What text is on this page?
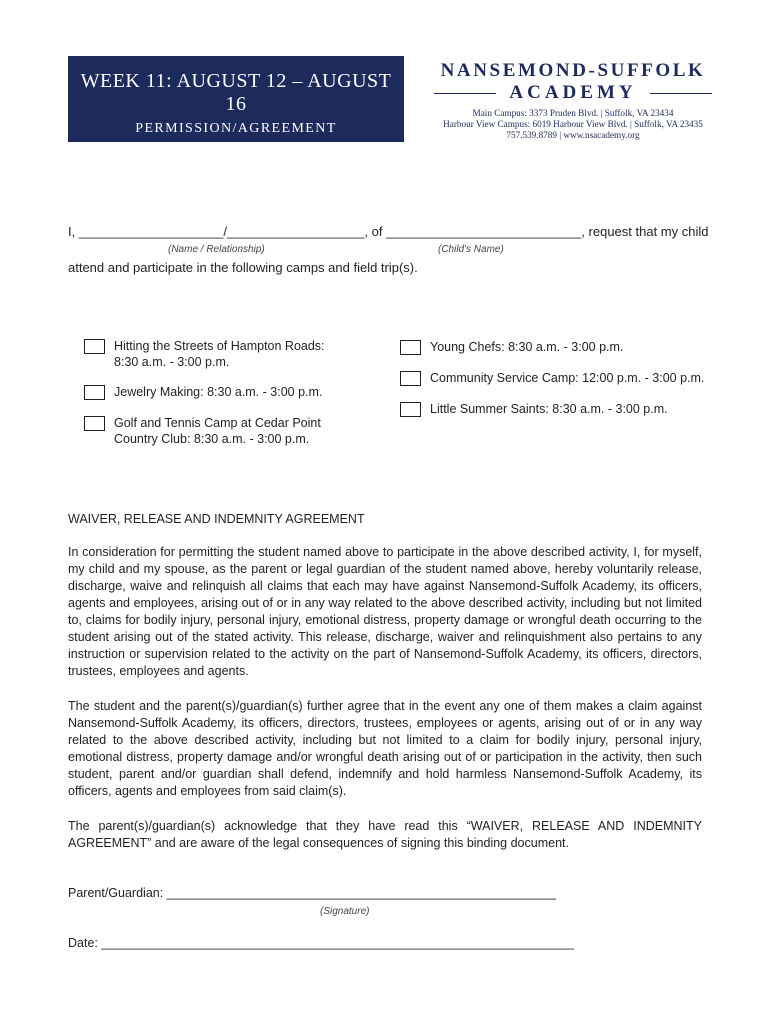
WEEK 11: AUGUST 12 – AUGUST 16
PERMISSION/AGREEMENT
FORM 2019
NANSEMOND-SUFFOLK
ACADEMY
Main Campus: 3373 Pruden Blvd. | Suffolk, VA 23434
Harbour View Campus: 6019 Harbour View Blvd. | Suffolk, VA 23435
757.539.8789 | www.nsacademy.org
I, ____________________/___________________, of ___________________________, request that my child
(Name / Relationship)	(Child's Name)
attend and participate in the following camps and field trip(s).
Hitting the Streets of Hampton Roads:
8:30 a.m. - 3:00 p.m.
Jewelry Making: 8:30 a.m. - 3:00 p.m.
Golf and Tennis Camp at Cedar Point
Country Club: 8:30 a.m. - 3:00 p.m.
Young Chefs: 8:30 a.m. - 3:00 p.m.
Community Service Camp: 12:00 p.m. - 3:00 p.m.
Little Summer Saints: 8:30 a.m. - 3:00 p.m.
WAIVER, RELEASE AND INDEMNITY AGREEMENT
In consideration for permitting the student named above to participate in the above described activity, I, for myself, my child and my spouse, as the parent or legal guardian of the student named above, hereby voluntarily release, discharge, waive and relinquish all claims that each may have against Nansemond-Suffolk Academy, its officers, agents and employees, arising out of or in any way related to the above described activity, including but not limited to, claims for bodily injury, personal injury, emotional distress, property damage or wrongful death occurring to the student arising out of the stated activity. This release, discharge, waiver and relinquishment also pertains to any instruction or supervision related to the activity on the part of Nansemond-Suffolk Academy, its officers, directors, trustees, employees and agents.
The student and the parent(s)/guardian(s) further agree that in the event any one of them makes a claim against Nansemond-Suffolk Academy, its officers, directors, trustees, employees or agents, arising out of or in any way related to the above described activity, including but not limited to a claim for bodily injury, personal injury, emotional distress, property damage and/or wrongful death arising out of or participation in the activity, then such student, parent and/or guardian shall defend, indemnify and hold harmless Nansemond-Suffolk Academy, its officers, agents and employees from said claim(s).
The parent(s)/guardian(s) acknowledge that they have read this “WAIVER, RELEASE AND INDEMNITY AGREEMENT” and are aware of the legal consequences of signing this binding document.
Parent/Guardian: ________________________________________________________
(Signature)
Date: ____________________________________________________________________
